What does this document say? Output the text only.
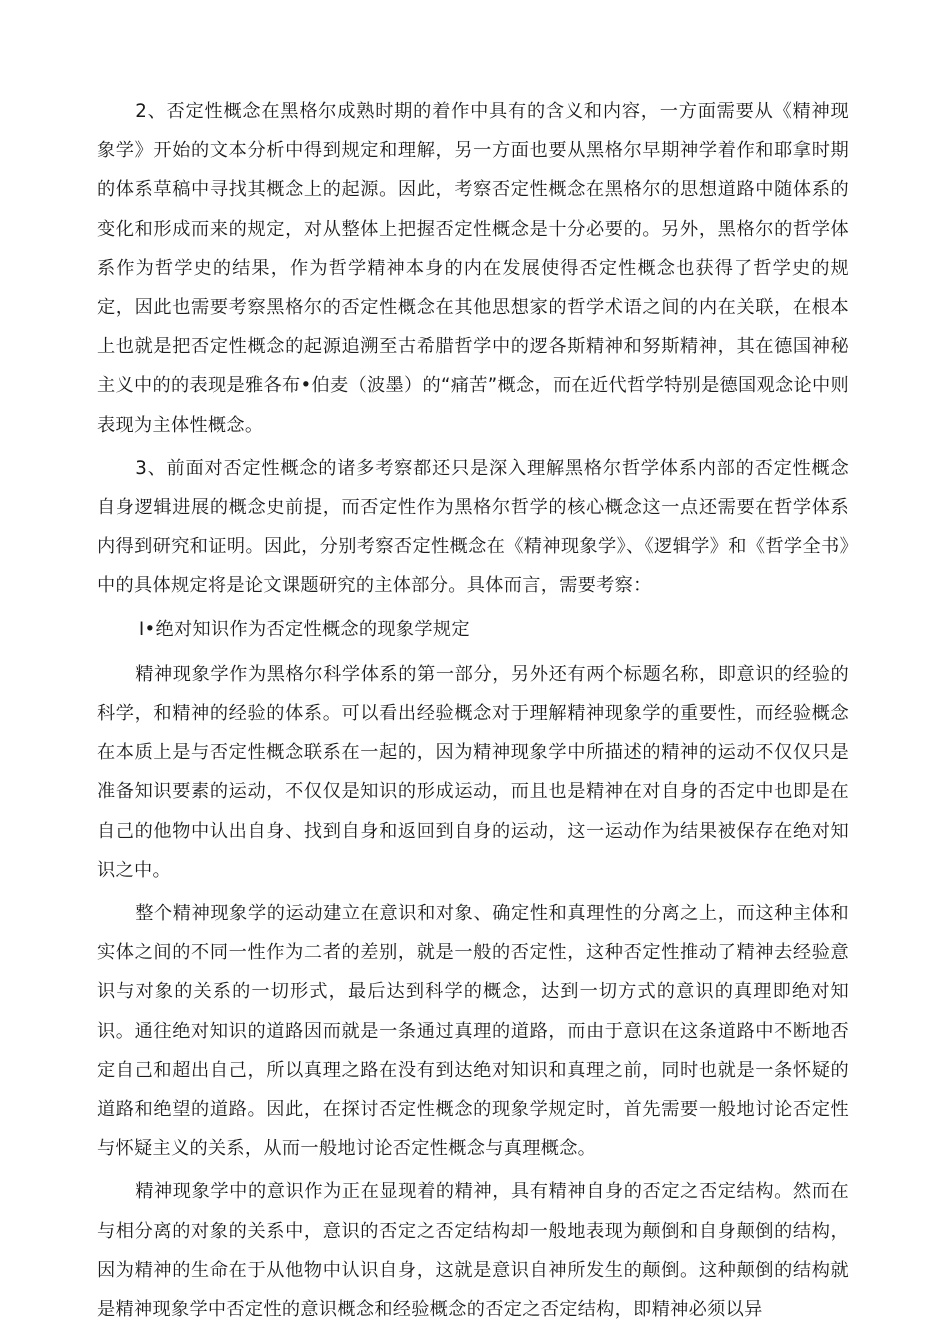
2、否定性概念在黑格尔成熟时期的着作中具有的含义和内容，一方面需要从《精神现象学》开始的文本分析中得到规定和理解，另一方面也要从黑格尔早期神学着作和耶拿时期的体系草稿中寻找其概念上的起源。因此，考察否定性概念在黑格尔的思想道路中随体系的变化和形成而来的规定，对从整体上把握否定性概念是十分必要的。另外，黑格尔的哲学体系作为哲学史的结果，作为哲学精神本身的内在发展使得否定性概念也获得了哲学史的规定，因此也需要考察黑格尔的否定性概念在其他思想家的哲学术语之间的内在关联，在根本上也就是把否定性概念的起源追溯至古希腊哲学中的逻各斯精神和努斯精神，其在德国神秘主义中的的表现是雅各布•伯麦（波墨）的“痛苦”概念，而在近代哲学特别是德国观念论中则表现为主体性概念。

3、前面对否定性概念的诸多考察都还只是深入理解黑格尔哲学体系内部的否定性概念自身逻辑进展的概念史前提，而否定性作为黑格尔哲学的核心概念这一点还需要在哲学体系内得到研究和证明。因此，分别考察否定性概念在《精神现象学》、《逻辑学》和《哲学全书》中的具体规定将是论文课题研究的主体部分。具体而言，需要考察：

I•绝对知识作为否定性概念的现象学规定

精神现象学作为黑格尔科学体系的第一部分，另外还有两个标题名称，即意识的经验的科学，和精神的经验的体系。可以看出经验概念对于理解精神现象学的重要性，而经验概念在本质上是与否定性概念联系在一起的，因为精神现象学中所描述的精神的运动不仅仅只是准备知识要素的运动，不仅仅是知识的形成运动，而且也是精神在对自身的否定中也即是在自己的他物中认出自身、找到自身和返回到自身的运动，这一运动作为结果被保存在绝对知识之中。

整个精神现象学的运动建立在意识和对象、确定性和真理性的分离之上，而这种主体和实体之间的不同一性作为二者的差别，就是一般的否定性，这种否定性推动了精神去经验意识与对象的关系的一切形式，最后达到科学的概念，达到一切方式的意识的真理即绝对知识。通往绝对知识的道路因而就是一条通过真理的道路，而由于意识在这条道路中不断地否定自己和超出自己，所以真理之路在没有到达绝对知识和真理之前，同时也就是一条怀疑的道路和绝望的道路。因此，在探讨否定性概念的现象学规定时，首先需要一般地讨论否定性与怀疑主义的关系，从而一般地讨论否定性概念与真理概念。

精神现象学中的意识作为正在显现着的精神，具有精神自身的否定之否定结构。然而在与相分离的对象的关系中，意识的否定之否定结构却一般地表现为颠倒和自身颠倒的结构，因为精神的生命在于从他物中认识自身，这就是意识自神所发生的颠倒。这种颠倒的结构就是精神现象学中否定性的意识概念和经验概念的否定之否定结构，即精神必须以异
